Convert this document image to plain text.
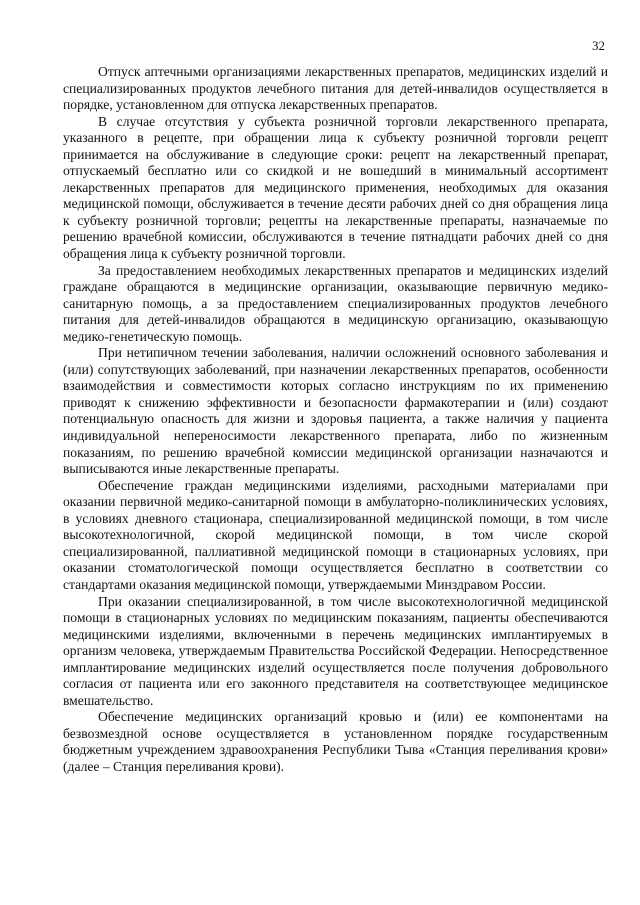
32

Отпуск аптечными организациями лекарственных препаратов, медицинских изделий и специализированных продуктов лечебного питания для детей-инвалидов осуществляется в порядке, установленном для отпуска лекарственных препаратов.

В случае отсутствия у субъекта розничной торговли лекарственного препарата, указанного в рецепте, при обращении лица к субъекту розничной торговли рецепт принимается на обслуживание в следующие сроки: рецепт на лекарственный препарат, отпускаемый бесплатно или со скидкой и не вошедший в минимальный ассортимент лекарственных препаратов для медицинского применения, необходимых для оказания медицинской помощи, обслуживается в течение десяти рабочих дней со дня обращения лица к субъекту розничной торговли; рецепты на лекарственные препараты, назначаемые по решению врачебной комиссии, обслуживаются в течение пятнадцати рабочих дней со дня обращения лица к субъекту розничной торговли.

За предоставлением необходимых лекарственных препаратов и медицинских изделий граждане обращаются в медицинские организации, оказывающие первичную медико-санитарную помощь, а за предоставлением специализированных продуктов лечебного питания для детей-инвалидов обращаются в медицинскую организацию, оказывающую медико-генетическую помощь.

При нетипичном течении заболевания, наличии осложнений основного заболевания и (или) сопутствующих заболеваний, при назначении лекарственных препаратов, особенности взаимодействия и совместимости которых согласно инструкциям по их применению приводят к снижению эффективности и безопасности фармакотерапии и (или) создают потенциальную опасность для жизни и здоровья пациента, а также наличия у пациента индивидуальной непереносимости лекарственного препарата, либо по жизненным показаниям, по решению врачебной комиссии медицинской организации назначаются и выписываются иные лекарственные препараты.

Обеспечение граждан медицинскими изделиями, расходными материалами при оказании первичной медико-санитарной помощи в амбулаторно-поликлинических условиях, в условиях дневного стационара, специализированной медицинской помощи, в том числе высокотехнологичной, скорой медицинской помощи, в том числе скорой специализированной, паллиативной медицинской помощи в стационарных условиях, при оказании стоматологической помощи осуществляется бесплатно в соответствии со стандартами оказания медицинской помощи, утверждаемыми Минздравом России.

При оказании специализированной, в том числе высокотехнологичной медицинской помощи в стационарных условиях по медицинским показаниям, пациенты обеспечиваются медицинскими изделиями, включенными в перечень медицинских имплантируемых в организм человека, утверждаемым Правительства Российской Федерации. Непосредственное имплантирование медицинских изделий осуществляется после получения добровольного согласия от пациента или его законного представителя на соответствующее медицинское вмешательство.

Обеспечение медицинских организаций кровью и (или) ее компонентами на безвозмездной основе осуществляется в установленном порядке государственным бюджетным учреждением здравоохранения Республики Тыва «Станция переливания крови» (далее – Станция переливания крови).
